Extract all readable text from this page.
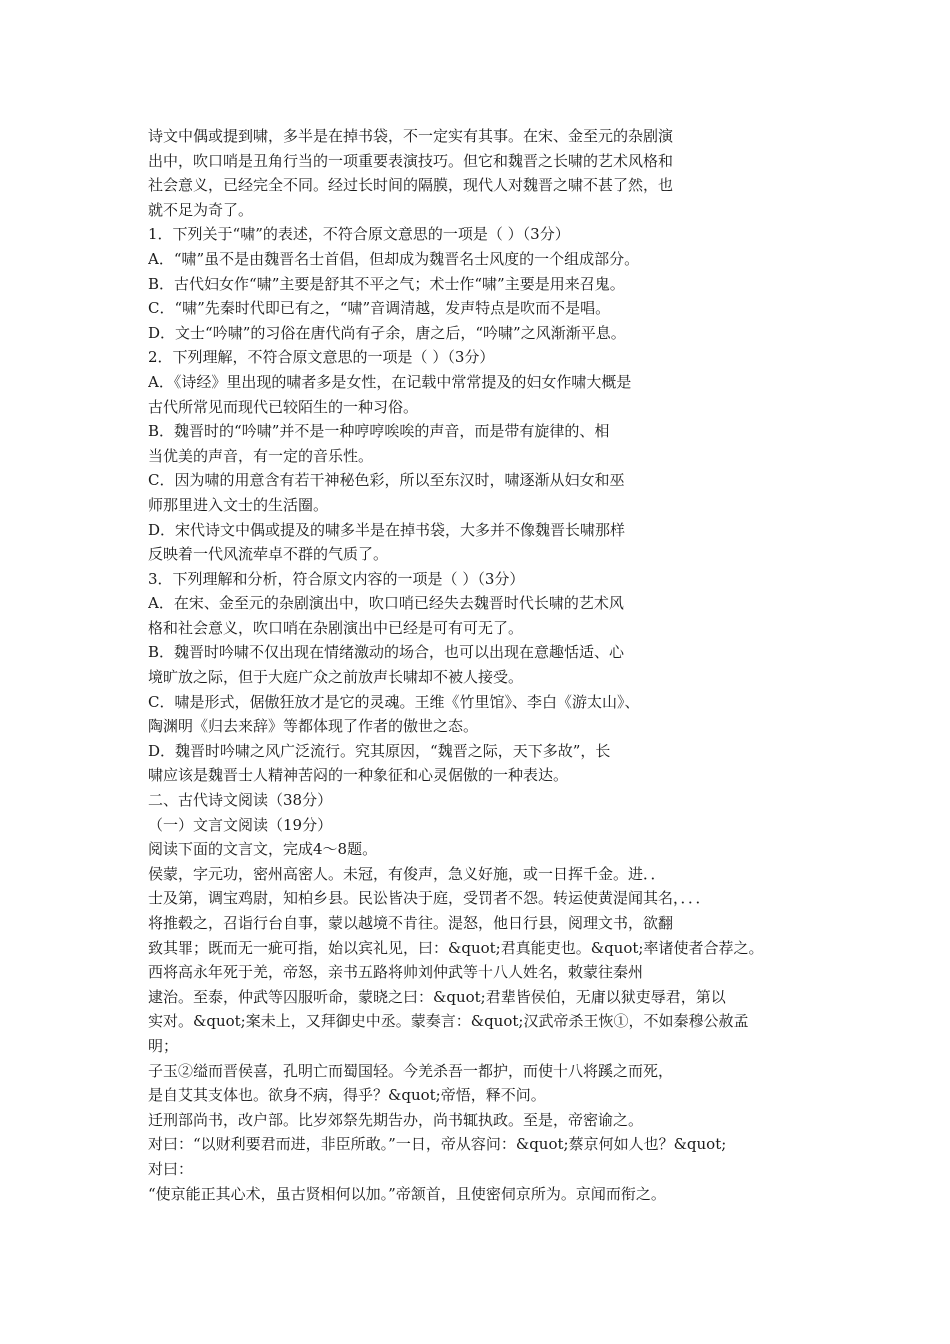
诗文中偶或提到啸，多半是在掉书袋，不一定实有其事。在宋、金至元的杂剧演
出中，吹口哨是丑角行当的一项重要表演技巧。但它和魏晋之长啸的艺术风格和
社会意义，已经完全不同。经过长时间的隔膜，现代人对魏晋之啸不甚了然，也
就不足为奇了。
1．下列关于“啸”的表述，不符合原文意思的一项是（ ）（3分）
A．“啸”虽不是由魏晋名士首倡，但却成为魏晋名士风度的一个组成部分。
B．古代妇女作“啸”主要是舒其不平之气；术士作“啸”主要是用来召鬼。
C．“啸”先秦时代即已有之，“啸”音调清越，发声特点是吹而不是唱。
D．文士“吟啸”的习俗在唐代尚有孑余，唐之后，“吟啸”之风渐渐平息。
2．下列理解，不符合原文意思的一项是（ ）（3分）
A．《诗经》里出现的啸者多是女性，在记载中常常提及的妇女作啸大概是
古代所常见而现代已较陌生的一种习俗。
B．魏晋时的“吟啸”并不是一种哼哼唉唉的声音，而是带有旋律的、相
当优美的声音，有一定的音乐性。
C．因为啸的用意含有若干神秘色彩，所以至东汉时，啸逐渐从妇女和巫
师那里进入文士的生活圈。
D．宋代诗文中偶或提及的啸多半是在掉书袋，大多并不像魏晋长啸那样
反映着一代风流荦卓不群的气质了。
3．下列理解和分析，符合原文内容的一项是（ ）（3分）
A．在宋、金至元的杂剧演出中，吹口哨已经失去魏晋时代长啸的艺术风
格和社会意义，吹口哨在杂剧演出中已经是可有可无了。
B．魏晋时吟啸不仅出现在情绪激动的场合，也可以出现在意趣恬适、心
境旷放之际，但于大庭广众之前放声长啸却不被人接受。
C．啸是形式，倨傲狂放才是它的灵魂。王维《竹里馆》、李白《游太山》、
陶渊明《归去来辞》等都体现了作者的傲世之态。
D．魏晋时吟啸之风广泛流行。究其原因，“魏晋之际，天下多故”，长
啸应该是魏晋士人精神苦闷的一种象征和心灵倨傲的一种表达。
二、古代诗文阅读（38分）
（一）文言文阅读（19分）
阅读下面的文言文，完成4～8题。
侯蒙，字元功，密州高密人。未冠，有俊声，急义好施，或一日挥千金。进．．
士及第，调宝鸡尉，知柏乡县。民讼皆决于庭，受罚者不怨。转运使黄湜闻其名，．．．
将推毂之，召诣行台自事，蒙以越境不肯往。湜怒，他日行县，阅理文书，欲翻
致其罪；既而无一疵可指，始以宾礼见，曰：&quot;君真能吏也。&quot;率诸使者合荐之。
西将高永年死于羌，帝怒，亲书五路将帅刘仲武等十八人姓名，敕蒙往秦州
逮治。至泰，仲武等囚服听命，蒙晓之曰：&quot;君辈皆侯伯，无庸以狱吏辱君，第以
实对。&quot;案未上，又拜御史中丞。蒙奏言：&quot;汉武帝杀王恢①，不如秦穆公赦孟
明；
子玉②缢而晋侯喜，孔明亡而蜀国轻。今羌杀吾一都护，而使十八将蹊之而死，
是自艾其支体也。欲身不病，得乎？&quot;帝悟，释不问。
迁刑部尚书，改户部。比岁郊祭先期告办，尚书辄执政。至是，帝密谕之。
对曰：“以财利要君而进，非臣所敢。”一日，帝从容问：&quot;蔡京何如人也？&quot;
对曰：
“使京能正其心术，虽古贤相何以加。”帝颔首，且使密伺京所为。京闻而衔之。
